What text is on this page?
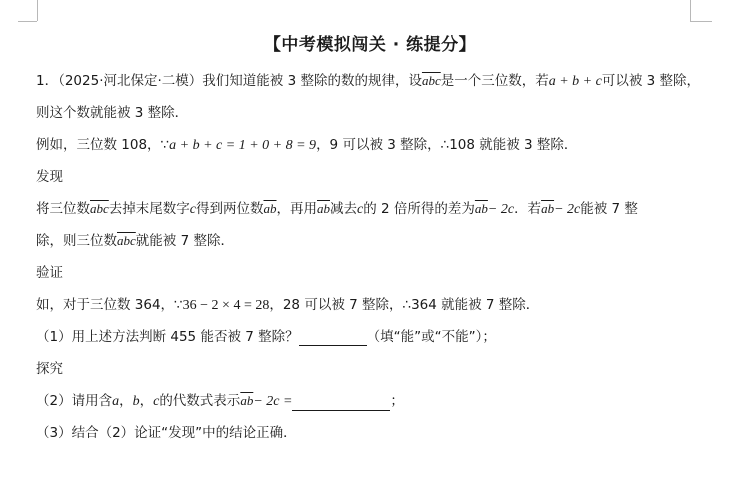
【中考模拟闯关 · 练提分】
1．（2025·河北保定·二模）我们知道能被 3 整除的数的规律，设$\overline{abc}$是一个三位数，若a + b + c可以被 3 整除，
则这个数就能被 3 整除．
例如，三位数 108，∵a + b + c = 1 + 0 + 8 = 9，9 可以被 3 整除，∴108 就能被 3 整除．
发现
将三位数$\overline{abc}$去掉末尾数字c得到两位数$\overline{ab}$，再用$\overline{ab}$减去c的 2 倍所得的差为$\overline{ab}- 2c$．若$\overline{ab}- 2c$能被 7 整
除，则三位数$\overline{abc}$就能被 7 整除．
验证
如，对于三位数 364，∵36 − 2 × 4 = 28，28 可以被 7 整除，∴364 就能被 7 整除．
（1）用上述方法判断 455 能否被 7 整除？	（填“能”或“不能”）；
探究
（2）请用含a，b，c的代数式表示$\overline{ab}- 2c$ =	；
（3）结合（2）论证“发现”中的结论正确．
